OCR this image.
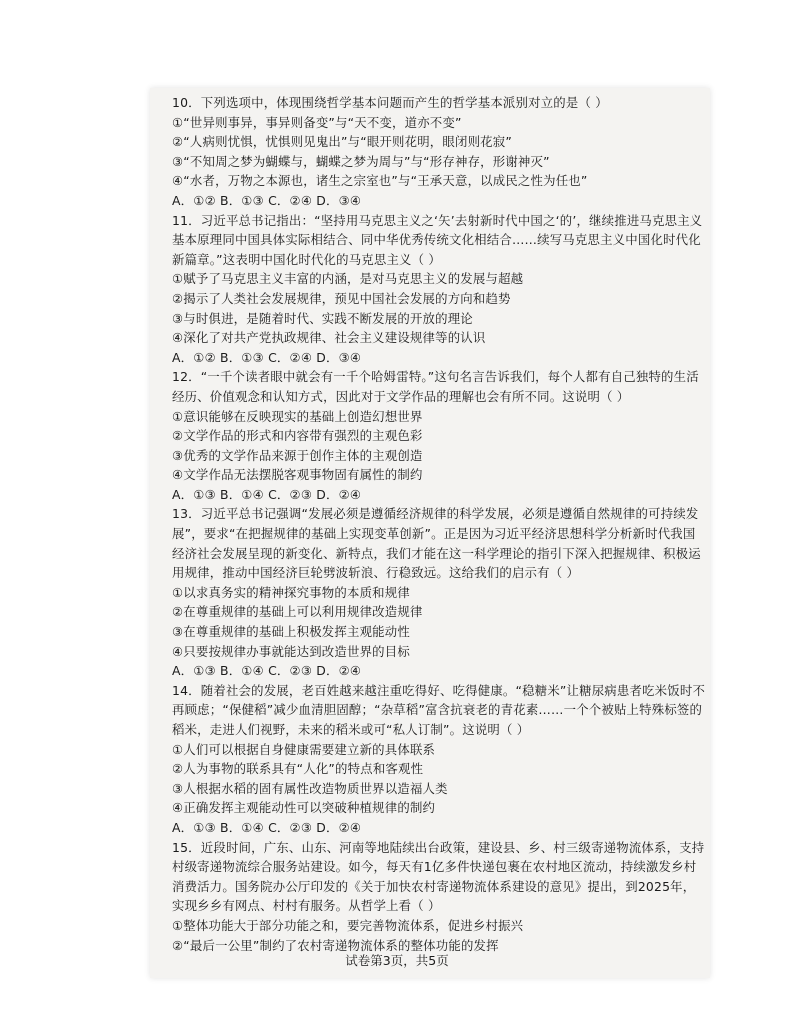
10．下列选项中，体现围绕哲学基本问题而产生的哲学基本派别对立的是（ ）
①“世异则事异，事异则备变”与“天不变，道亦不变”
②“人病则忧惧，忧惧则见鬼出”与“眼开则花明，眼闭则花寂”
③“不知周之梦为蝴蝶与，蝴蝶之梦为周与”与“形存神存，形谢神灭”
④“水者，万物之本源也，诸生之宗室也”与“王承天意，以成民之性为任也”
A．①② B．①③ C．②④ D．③④
11．习近平总书记指出：“坚持用马克思主义之‘矢’去射新时代中国之‘的’，继续推进马克思主义基本原理同中国具体实际相结合、同中华优秀传统文化相结合……续写马克思主义中国化时代化新篇章。”这表明中国化时代化的马克思主义（ ）
①赋予了马克思主义丰富的内涵，是对马克思主义的发展与超越
②揭示了人类社会发展规律，预见中国社会发展的方向和趋势
③与时俱进，是随着时代、实践不断发展的开放的理论
④深化了对共产党执政规律、社会主义建设规律等的认识
A．①② B．①③ C．②④ D．③④
12．“一千个读者眼中就会有一千个哈姆雷特。”这句名言告诉我们，每个人都有自己独特的生活经历、价值观念和认知方式，因此对于文学作品的理解也会有所不同。这说明（ ）
①意识能够在反映现实的基础上创造幻想世界
②文学作品的形式和内容带有强烈的主观色彩
③优秀的文学作品来源于创作主体的主观创造
④文学作品无法摆脱客观事物固有属性的制约
A．①③ B．①④ C．②③ D．②④
13．习近平总书记强调“发展必须是遵循经济规律的科学发展，必须是遵循自然规律的可持续发展”，要求“在把握规律的基础上实现变革创新”。正是因为习近平经济思想科学分析新时代我国经济社会发展呈现的新变化、新特点，我们才能在这一科学理论的指引下深入把握规律、积极运用规律，推动中国经济巨轮劈波斩浪、行稳致远。这给我们的启示有（ ）
①以求真务实的精神探究事物的本质和规律
②在尊重规律的基础上可以利用规律改造规律
③在尊重规律的基础上积极发挥主观能动性
④只要按规律办事就能达到改造世界的目标
A．①③ B．①④ C．②③ D．②④
14．随着社会的发展，老百姓越来越注重吃得好、吃得健康。“稳糖米”让糖尿病患者吃米饭时不再顾虑；“保健稻”减少血清胆固醇；“杂草稻”富含抗衰老的青花素……一个个被贴上特殊标签的稻米，走进人们视野，未来的稻米或可“私人订制”。这说明（ ）
①人们可以根据自身健康需要建立新的具体联系
②人为事物的联系具有“人化”的特点和客观性
③人根据水稻的固有属性改造物质世界以造福人类
④正确发挥主观能动性可以突破种植规律的制约
A．①③ B．①④ C．②③ D．②④
15．近段时间，广东、山东、河南等地陆续出台政策，建设县、乡、村三级寄递物流体系，支持村级寄递物流综合服务站建设。如今，每天有1亿多件快递包裹在农村地区流动，持续激发乡村消费活力。国务院办公厅印发的《关于加快农村寄递物流体系建设的意见》提出，到2025年，实现乡乡有网点、村村有服务。从哲学上看（ ）
①整体功能大于部分功能之和，要完善物流体系，促进乡村振兴
②“最后一公里”制约了农村寄递物流体系的整体功能的发挥
试卷第3页，共5页
